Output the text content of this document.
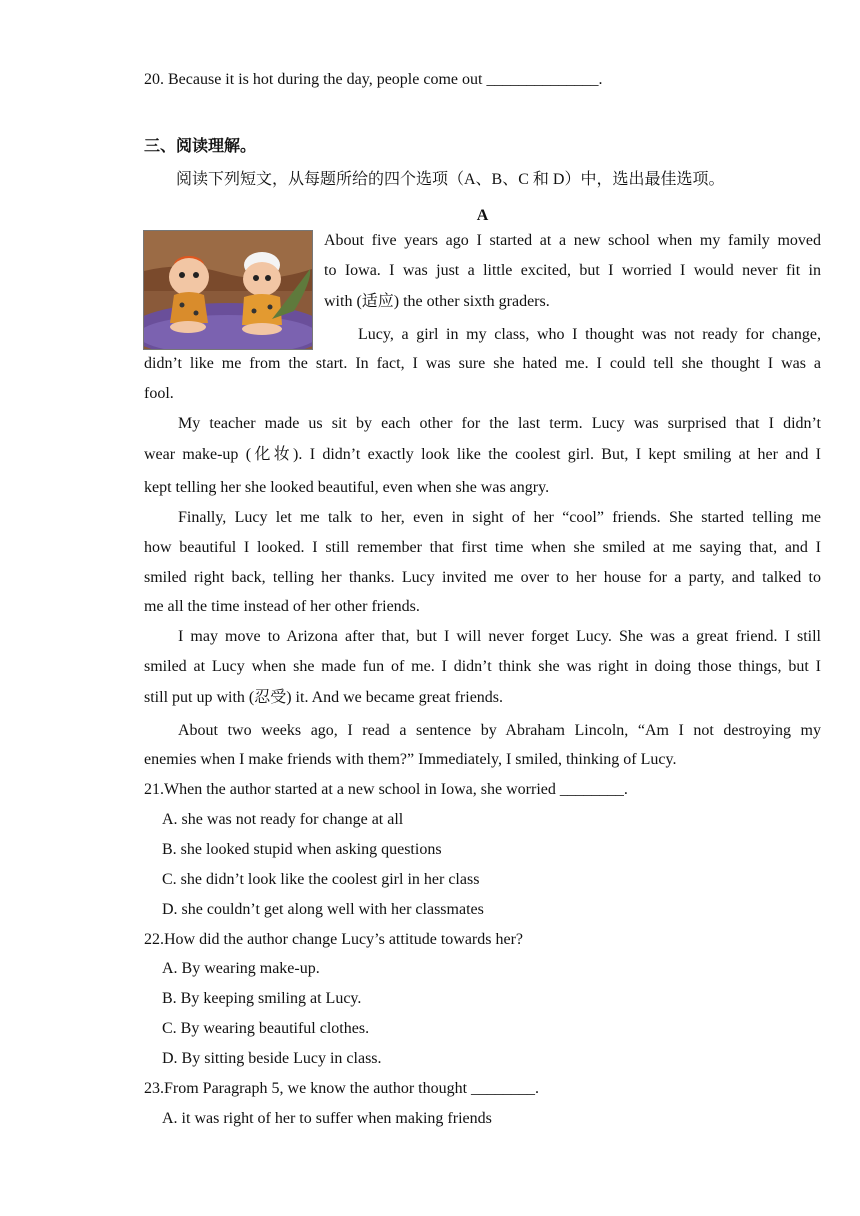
20. Because it is hot during the day, people come out ______________.
三、阅读理解。
阅读下列短文，从每题所给的四个选项（A、B、C 和 D）中，选出最佳选项。
A
About five years ago I started at a new school when my family moved
to Iowa. I was just a little excited, but I worried I would never fit in
with (适应) the other sixth graders.
Lucy, a girl in my class, who I thought was not ready for change,
didn’t like me from the start. In fact, I was sure she hated me. I could tell she thought I was a
fool.
My teacher made us sit by each other for the last term. Lucy was surprised that I didn’t
wear make-up (化妆). I didn’t exactly look like the coolest girl. But, I kept smiling at her and I
kept telling her she looked beautiful, even when she was angry.
Finally, Lucy let me talk to her, even in sight of her “cool” friends. She started telling me
how beautiful I looked. I still remember that first time when she smiled at me saying that, and I
smiled right back, telling her thanks. Lucy invited me over to her house for a party, and talked to
me all the time instead of her other friends.
I may move to Arizona after that, but I will never forget Lucy. She was a great friend. I still
smiled at Lucy when she made fun of me. I didn’t think she was right in doing those things, but I
still put up with (忍受) it. And we became great friends.
About two weeks ago, I read a sentence by Abraham Lincoln, “Am I not destroying my
enemies when I make friends with them?” Immediately, I smiled, thinking of Lucy.
21.When the author started at a new school in Iowa, she worried ________.
A. she was not ready for change at all
B. she looked stupid when asking questions
C. she didn’t look like the coolest girl in her class
D. she couldn’t get along well with her classmates
22.How did the author change Lucy’s attitude towards her?
A. By wearing make-up.
B. By keeping smiling at Lucy.
C. By wearing beautiful clothes.
D. By sitting beside Lucy in class.
23.From Paragraph 5, we know the author thought ________.
A. it was right of her to suffer when making friends
